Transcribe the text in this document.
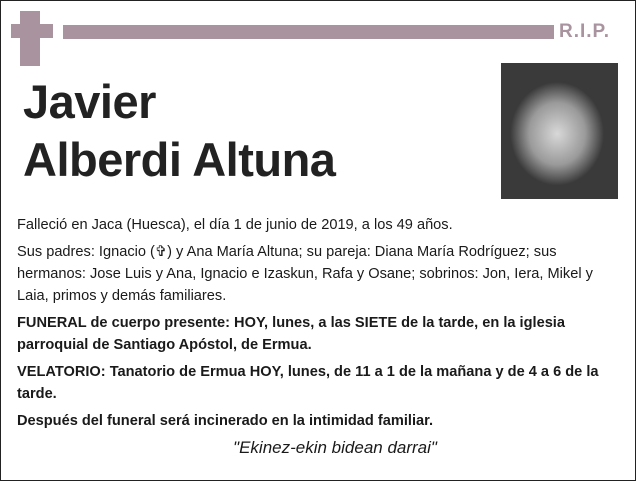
R.I.P.
Javier
Alberdi Altuna

Falleció en Jaca (Huesca), el día 1 de junio de 2019, a los 49 años.

Sus padres: Ignacio (✞) y Ana María Altuna; su pareja: Diana María Rodríguez; sus hermanos: Jose Luis y Ana, Ignacio e Izaskun, Rafa y Osane; sobrinos: Jon, Iera, Mikel y Laia, primos y demás familiares.

FUNERAL de cuerpo presente: HOY, lunes, a las SIETE de la tarde, en la iglesia parroquial de Santiago Apóstol, de Ermua.

VELATORIO: Tanatorio de Ermua HOY, lunes, de 11 a 1 de la mañana y de 4 a 6 de la tarde.

Después del funeral será incinerado en la intimidad familiar.

"Ekinez-ekin bidean darrai"
